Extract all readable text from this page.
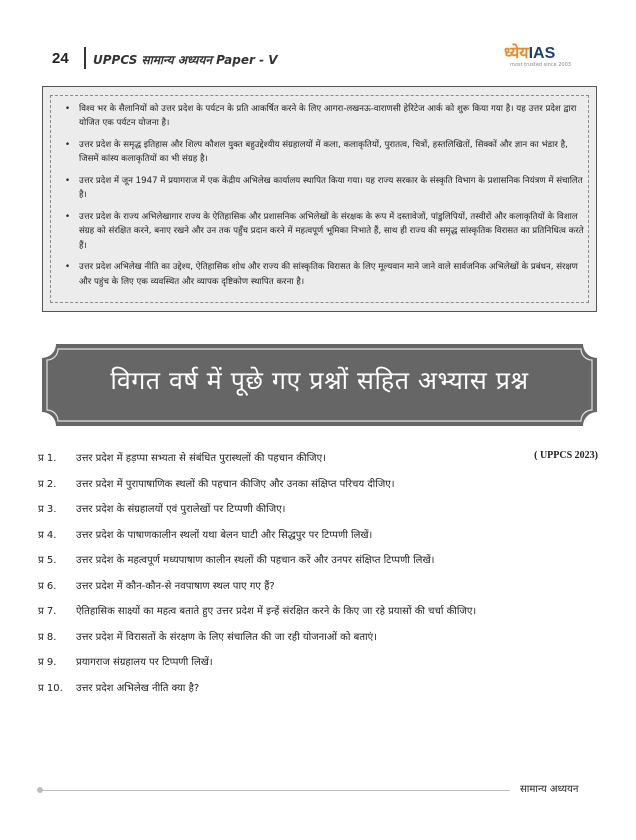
24 UPPCS सामान्य अध्ययन Paper - V	ध्येयIAS
most trusted since 2003
• विश्व भर के सैलानियों को उत्तर प्रदेश के पर्यटन के प्रति आकर्षित करने के लिए आगरा-लखनऊ-वाराणसी हेरिटेज आर्क को शुरू किया गया है। यह उत्तर प्रदेश द्वारा योजित एक पर्यटन योजना है।
• उत्तर प्रदेश के समृद्ध इतिहास और शिल्प कौशल युक्त बहुउद्देश्यीय संग्रहालयों में कला, कलाकृतियों, पुरातत्व, चित्रों, हस्तलिखितों, सिक्कों और ज्ञान का भंडार है, जिसमें कांस्य कलाकृतियों का भी संग्रह है।
• उत्तर प्रदेश में जून 1947 में प्रयागराज में एक केंद्रीय अभिलेख कार्यालय स्थापित किया गया। यह राज्य सरकार के संस्कृति विभाग के प्रशासनिक नियंत्रण में संचालित है।
• उत्तर प्रदेश के राज्य अभिलेखागार राज्य के ऐतिहासिक और प्रशासनिक अभिलेखों के संरक्षक के रूप में दस्तावेजों, पांडुलिपियों, तस्वीरों और कलाकृतियों के विशाल संग्रह को संरक्षित करने, बनाए रखने और उन तक पहुँच प्रदान करने में महत्वपूर्ण भूमिका निभाते हैं, साथ ही राज्य की समृद्ध सांस्कृतिक विरासत का प्रतिनिधित्व करते हैं।
• उत्तर प्रदेश अभिलेख नीति का उद्देश्य, ऐतिहासिक शोध और राज्य की सांस्कृतिक विरासत के लिए मूल्यवान माने जाने वाले सार्वजनिक अभिलेखों के प्रबंधन, संरक्षण और पहुंच के लिए एक व्यवस्थित और व्यापक दृष्टिकोण स्थापित करना है।
विगत वर्ष में पूछे गए प्रश्नों सहित अभ्यास प्रश्न
प्र 1. उत्तर प्रदेश में हड़प्पा सभ्यता से संबंधित पुरास्थलों की पहचान कीजिए।	( UPPCS 2023)
प्र 2. उत्तर प्रदेश में पुरापाषाणिक स्थलों की पहचान कीजिए और उनका संक्षिप्त परिचय दीजिए।
प्र 3. उत्तर प्रदेश के संग्रहालयों एवं पुरालेखों पर टिप्पणी कीजिए।
प्र 4. उत्तर प्रदेश के पाषाणकालीन स्थलों यथा बेलन घाटी और सिद्धपुर पर टिप्पणी लिखें।
प्र 5. उत्तर प्रदेश के महत्वपूर्ण मध्यपाषाण कालीन स्थलों की पहचान करें और उनपर संक्षिप्त टिप्पणी लिखें।
प्र 6. उत्तर प्रदेश में कौन-कौन-से नवपाषाण स्थल पाए गए हैं?
प्र 7. ऐतिहासिक साक्ष्यों का महत्व बताते हुए उत्तर प्रदेश में इन्हें संरक्षित करने के किए जा रहे प्रयासों की चर्चा कीजिए।
प्र 8. उत्तर प्रदेश में विरासतों के संरक्षण के लिए संचालित की जा रही योजनाओं को बताएं।
प्र 9. प्रयागराज संग्रहालय पर टिप्पणी लिखें।
प्र 10. उत्तर प्रदेश अभिलेख नीति क्या है?
सामान्य अध्ययन
